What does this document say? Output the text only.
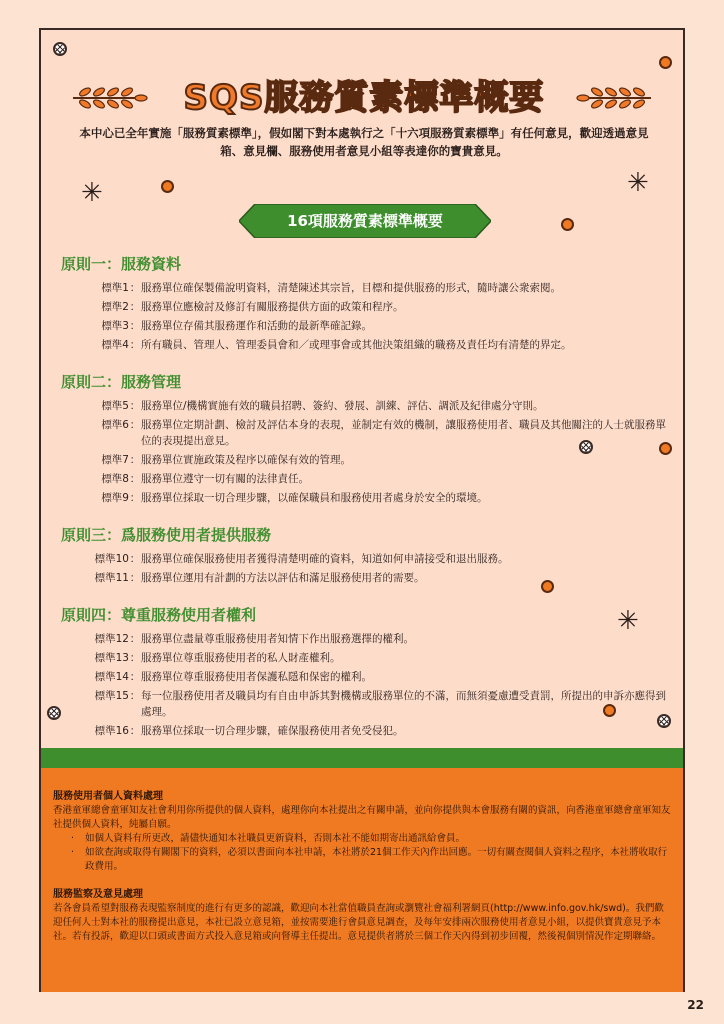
SQS服務質素標準概要
本中心已全年實施「服務質素標準」，假如閣下對本處執行之「十六項服務質素標準」有任何意見，歡迎透過意見箱、意見欄、服務使用者意見小組等表達你的寶貴意見。
16項服務質素標準概要
原則一：服務資料
標準1 ： 服務單位確保製備說明資料，清楚陳述其宗旨，目標和提供服務的形式，隨時讓公衆索閱。
標準2 ： 服務單位應檢討及修訂有關服務提供方面的政策和程序。
標準3 ： 服務單位存備其服務運作和活動的最新準確記錄。
標準4 ： 所有職員、管理人、管理委員會和／或理事會或其他決策組織的職務及責任均有清楚的界定。
原則二：服務管理
標準5 ： 服務單位/機構實施有效的職員招聘、簽約、發展、訓練、評估、調派及紀律處分守則。
標準6 ： 服務單位定期計劃、檢討及評估本身的表現，並制定有效的機制，讓服務使用者、職員及其他關注的人士就服務單位的表現提出意見。
標準7 ： 服務單位實施政策及程序以確保有效的管理。
標準8 ： 服務單位遵守一切有關的法律責任。
標準9 ： 服務單位採取一切合理步驟，以確保職員和服務使用者處身於安全的環境。
原則三：爲服務使用者提供服務
標準10 ： 服務單位確保服務使用者獲得清楚明確的資料，知道如何申請接受和退出服務。
標準11 ： 服務單位運用有計劃的方法以評估和滿足服務使用者的需要。
原則四：尊重服務使用者權利
標準12 ： 服務單位盡量尊重服務使用者知情下作出服務選擇的權利。
標準13 ： 服務單位尊重服務使用者的私人財產權利。
標準14 ： 服務單位尊重服務使用者保護私隱和保密的權利。
標準15 ： 每一位服務使用者及職員均有自由申訴其對機構或服務單位的不滿，而無須憂慮遭受責罰，所提出的申訴亦應得到處理。
標準16 ： 服務單位採取一切合理步驟，確保服務使用者免受侵犯。
✳	✳
✳
服務使用者個人資料處理
香港童軍總會童軍知友社會利用你所提供的個人資料，處理你向本社提出之有關申請，並向你提供與本會服務有關的資訊，向香港童軍總會童軍知友社提供個人資料，純屬自願。
·	如個人資料有所更改，請儘快通知本社職員更新資料，否則本社不能如期寄出通訊給會員。
·	如欲查詢或取得有關閣下的資料，必須以書面向本社申請，本社將於21個工作天內作出回應。一切有關查閱個人資料之程序，本社將收取行政費用。
服務監察及意見處理
若各會員希望對服務表現監察制度的進行有更多的認識，歡迎向本社當值職員查詢或瀏覽社會福利署網頁(http://www.info.gov.hk/swd)。我們歡迎任何人士對本社的服務提出意見，本社已設立意見箱，並按需要進行會員意見調查，及每年安排兩次服務使用者意見小組，以提供寶貴意見予本社。若有投訴，歡迎以口頭或書面方式投入意見箱或向督導主任提出。意見提供者將於三個工作天內得到初步回覆，然後視個別情況作定期聯絡。
22
